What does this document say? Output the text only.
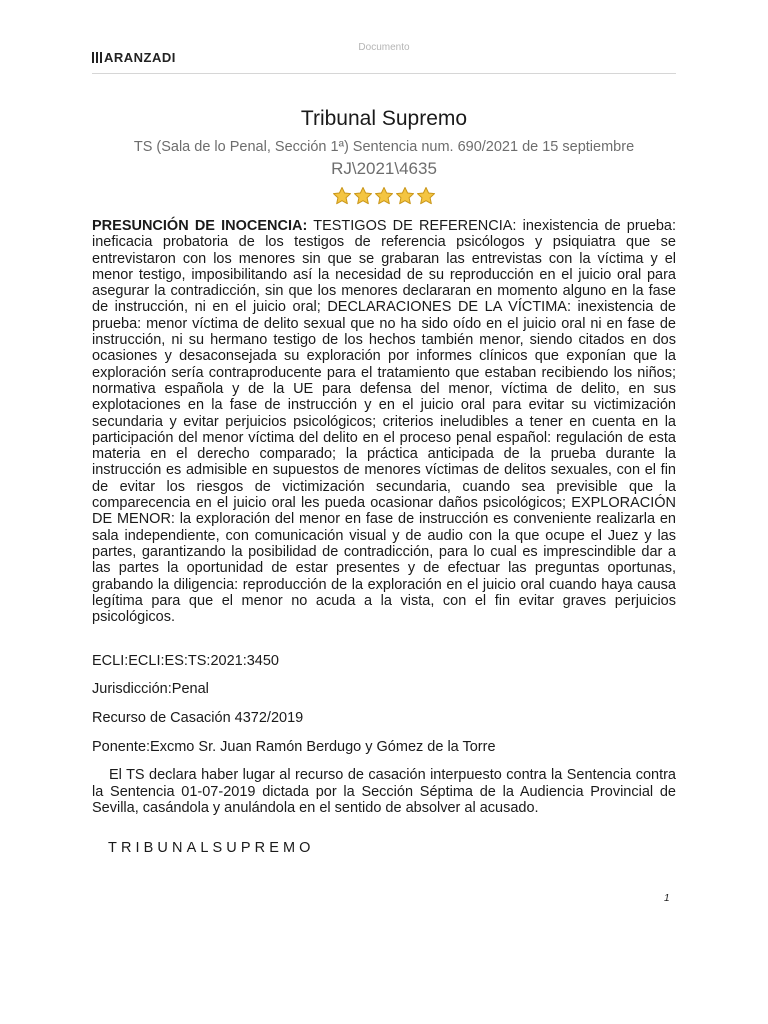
Documento
ARANZADI
Tribunal Supremo
TS (Sala de lo Penal, Sección 1ª) Sentencia num. 690/2021 de 15 septiembre
RJ\2021\4635

PRESUNCIÓN DE INOCENCIA: TESTIGOS DE REFERENCIA: inexistencia de prueba: ineficacia probatoria de los testigos de referencia psicólogos y psiquiatra que se entrevistaron con los menores sin que se grabaran las entrevistas con la víctima y el menor testigo, imposibilitando así la necesidad de su reproducción en el juicio oral para asegurar la contradicción, sin que los menores declararan en momento alguno en la fase de instrucción, ni en el juicio oral; DECLARACIONES DE LA VÍCTIMA: inexistencia de prueba: menor víctima de delito sexual que no ha sido oído en el juicio oral ni en fase de instrucción, ni su hermano testigo de los hechos también menor, siendo citados en dos ocasiones y desaconsejada su exploración por informes clínicos que exponían que la exploración sería contraproducente para el tratamiento que estaban recibiendo los niños; normativa española y de la UE para defensa del menor, víctima de delito, en sus explotaciones en la fase de instrucción y en el juicio oral para evitar su victimización secundaria y evitar perjuicios psicológicos; criterios ineludibles a tener en cuenta en la participación del menor víctima del delito en el proceso penal español: regulación de esta materia en el derecho comparado; la práctica anticipada de la prueba durante la instrucción es admisible en supuestos de menores víctimas de delitos sexuales, con el fin de evitar los riesgos de victimización secundaria, cuando sea previsible que la comparecencia en el juicio oral les pueda ocasionar daños psicológicos; EXPLORACIÓN DE MENOR: la exploración del menor en fase de instrucción es conveniente realizarla en sala independiente, con comunicación visual y de audio con la que ocupe el Juez y las partes, garantizando la posibilidad de contradicción, para lo cual es imprescindible dar a las partes la oportunidad de estar presentes y de efectuar las preguntas oportunas, grabando la diligencia: reproducción de la exploración en el juicio oral cuando haya causa legítima para que el menor no acuda a la vista, con el fin evitar graves perjuicios psicológicos.

ECLI:ECLI:ES:TS:2021:3450

Jurisdicción:Penal

Recurso de Casación 4372/2019

Ponente:Excmo Sr. Juan Ramón Berdugo y Gómez de la Torre

El TS declara haber lugar al recurso de casación interpuesto contra la Sentencia contra la Sentencia 01-07-2019 dictada por la Sección Séptima de la Audiencia Provincial de Sevilla, casándola y anulándola en el sentido de absolver al acusado.

TRIBUNALSUPREMO

1
